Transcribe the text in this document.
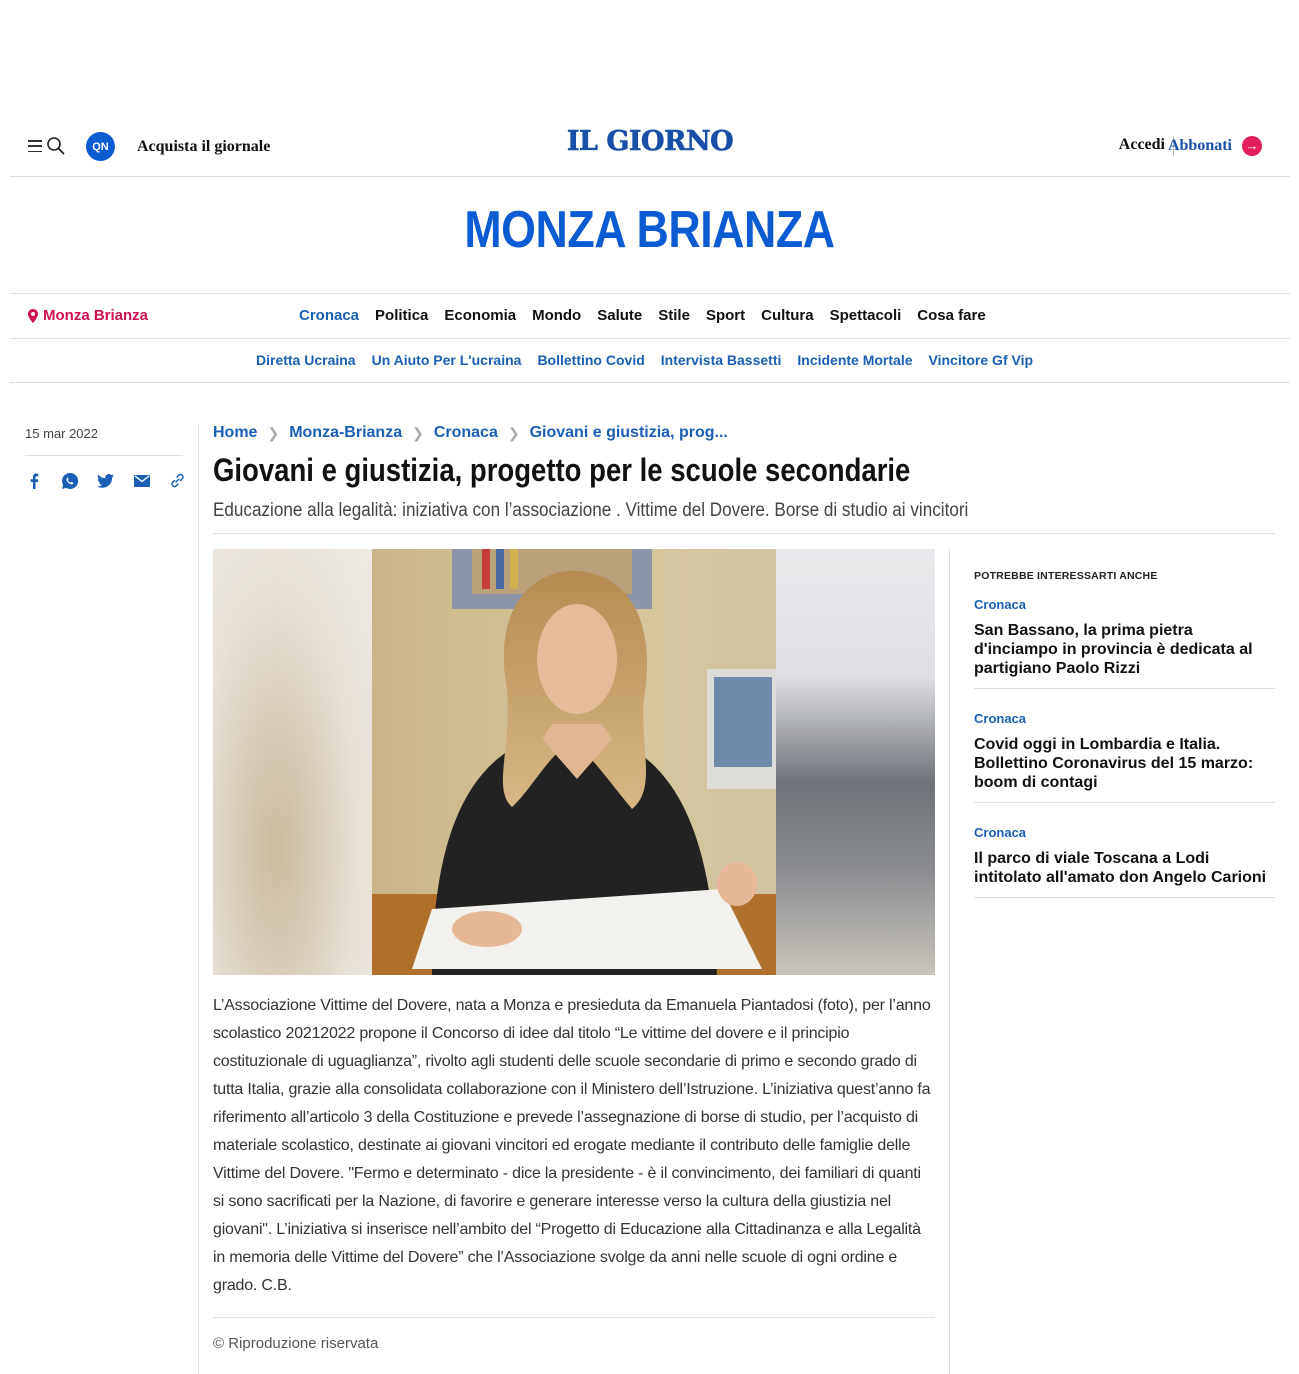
QN	Acquista il giornale	IL GIORNO	Accedi Abbonati →
MONZA BRIANZA
Monza Brianza	Cronaca Politica Economia Mondo Salute Stile Sport Cultura Spettacoli Cosa fare
Diretta Ucraina Un Aiuto Per L'ucraina Bollettino Covid Intervista Bassetti Incidente Mortale Vincitore Gf Vip
15 mar 2022	Home ❯ Monza-Brianza ❯ Cronaca ❯ Giovani e giustizia, prog...
Giovani e giustizia, progetto per le scuole secondarie
Educazione alla legalità: iniziativa con l’associazione . Vittime del Dovere. Borse di studio ai vincitori
L’Associazione Vittime del Dovere, nata a Monza e presieduta da Emanuela Piantadosi (foto), per l’anno scolastico 20212022 propone il Concorso di idee dal titolo “Le vittime del dovere e il principio costituzionale di uguaglianza”, rivolto agli studenti delle scuole secondarie di primo e secondo grado di tutta Italia, grazie alla consolidata collaborazione con il Ministero dell’Istruzione. L’iniziativa quest’anno fa riferimento all’articolo 3 della Costituzione e prevede l’assegnazione di borse di studio, per l’acquisto di materiale scolastico, destinate ai giovani vincitori ed erogate mediante il contributo delle famiglie delle Vittime del Dovere. "Fermo e determinato - dice la presidente - è il convincimento, dei familiari di quanti si sono sacrificati per la Nazione, di favorire e generare interesse verso la cultura della giustizia nel giovani". L’iniziativa si inserisce nell’ambito del “Progetto di Educazione alla Cittadinanza e alla Legalità in memoria delle Vittime del Dovere” che l’Associazione svolge da anni nelle scuole di ogni ordine e grado. C.B.
© Riproduzione riservata
POTREBBE INTERESSARTI ANCHE
Cronaca
San Bassano, la prima pietra d'inciampo in provincia è dedicata al partigiano Paolo Rizzi
Cronaca
Covid oggi in Lombardia e Italia. Bollettino Coronavirus del 15 marzo: boom di contagi
Cronaca
Il parco di viale Toscana a Lodi intitolato all'amato don Angelo Carioni
